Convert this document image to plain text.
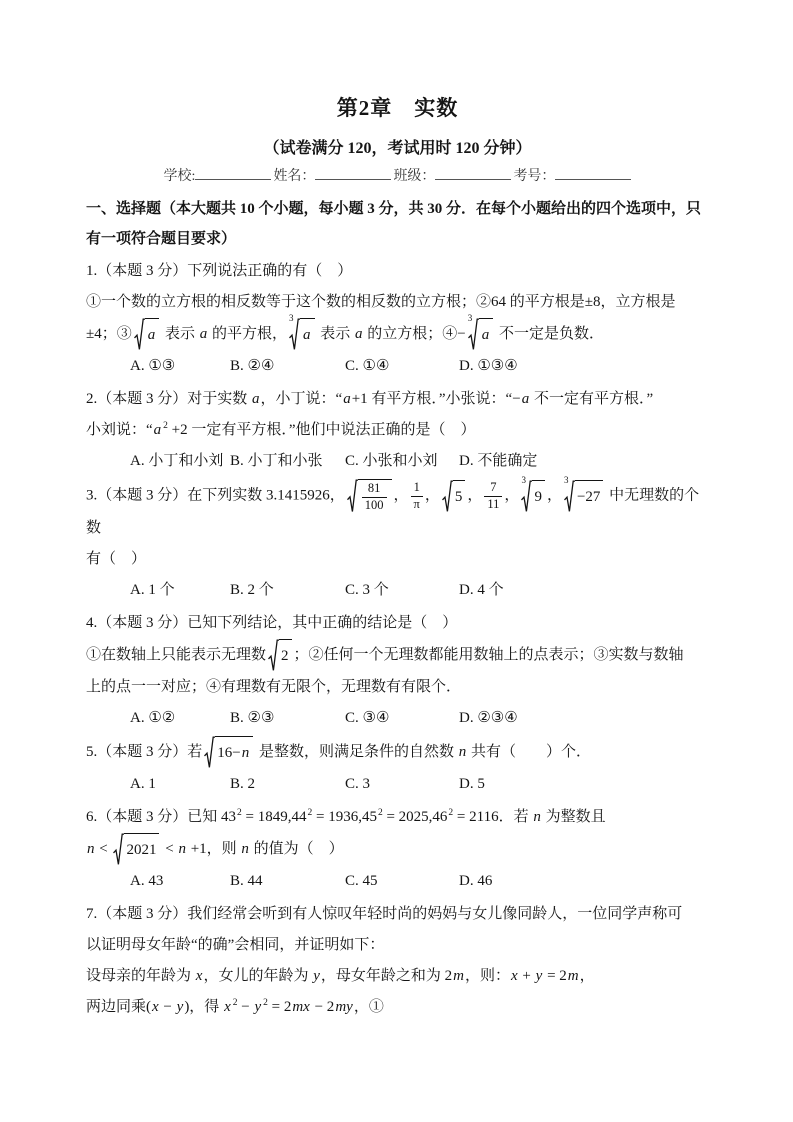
第2章　实数
（试卷满分 120，考试用时 120 分钟）
学校:	姓名：	班级：	考号：
一、选择题（本大题共 10 个小题，每小题 3 分，共 30 分．在每个小题给出的四个选项中，只有一项符合题目要求）
1.（本题 3 分）下列说法正确的有（　）
①一个数的立方根的相反数等于这个数的相反数的立方根；②64 的平方根是±8，立方根是
±4；③ a 表示 a 的平方根，
3
a 表示 a 的立方根；④−
3
a 不一定是负数．
A. ①③	B. ②④	C. ①④	D. ①③④
2.（本题 3 分）对于实数 a，小丁说：“a+1 有平方根．”小张说：“−a 不一定有平方根．”
小刘说：“a $^2$ +2 一定有平方根．”他们中说法正确的是（　）
A. 小丁和小刘 B. 小丁和小张	C. 小张和小刘	D. 不能确定
3.（本题 3 分）在下列实数 3.1415926， $\frac{81}{100}$ ， $\frac{1}{\pi}$ ， 5 ， $\frac{7}{11}$ ，
3
9 ，
3
−27 中无理数的个数
有（　）
A. 1 个	B. 2 个	C. 3 个	D. 4 个
4.（本题 3 分）已知下列结论，其中正确的结论是（　）
①在数轴上只能表示无理数 2 ；②任何一个无理数都能用数轴上的点表示；③实数与数轴
上的点一一对应；④有理数有无限个，无理数有有限个．
A. ①②	B. ②③	C. ③④	D. ②③④
5.（本题 3 分）若 16− n 是整数，则满足条件的自然数 n 共有（　　）个．
A. 1	B. 2	C. 3	D. 5
6.（本题 3 分）已知 $43^2 = 1849,44^2 = 1936,45^2 = 2025,46^2 = 2116$．若 n 为整数且
n < 2021 < n +1，则 n 的值为（　）
A. 43	B. 44	C. 45	D. 46
7.（本题 3 分）我们经常会听到有人惊叹年轻时尚的妈妈与女儿像同龄人，一位同学声称可
以证明母女年龄“的确”会相同，并证明如下：
设母亲的年龄为 x，女儿的年龄为 y，母女年龄之和为 2m，则：x + y = 2m，
两边同乘(x − y)，得 x $^2$ − y $^2$ = 2mx − 2my，①
